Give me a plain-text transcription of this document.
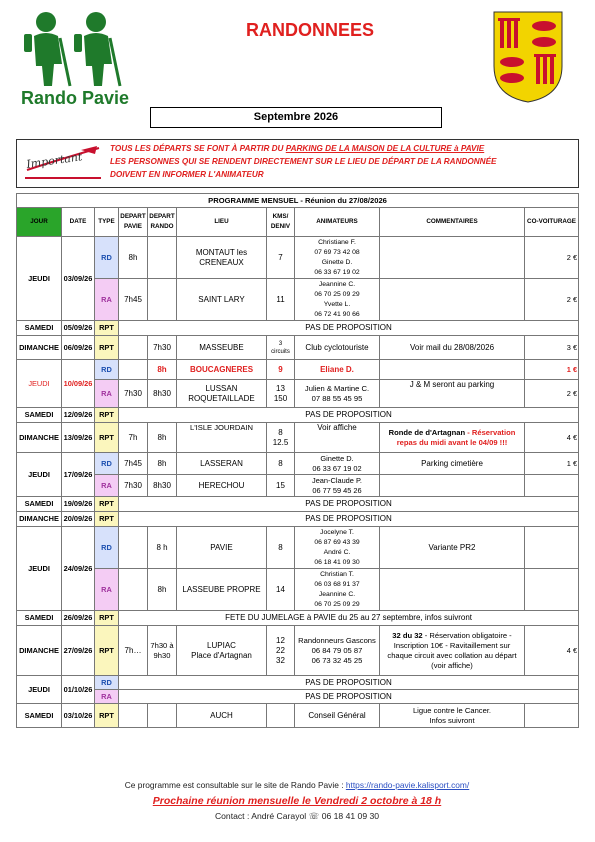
Rando Pavie
RANDONNEES
Septembre 2026
Important
TOUS LES DÉPARTS SE FONT À PARTIR DU PARKING DE LA MAISON DE LA CULTURE à PAVIE
LES PERSONNES QUI SE RENDENT DIRECTEMENT SUR LE LIEU DE DÉPART DE LA RANDONNÉE
DOIVENT EN INFORMER L'ANIMATEUR
PROGRAMME MENSUEL - Réunion du 27/08/2026									
JOUR	DATE	TYPE	DEPART PAVIE	DEPART RANDO	LIEU	KMS/ DENIV	ANIMATEURS	COMMENTAIRES	CO-VOITURAGE
JEUDI	03/09/26	RD	8h		MONTAUT les CRENEAUX	7	Christiane F.
07 69 73 42 08
Ginette D.
06 33 67 19 02		2 €
		RA	7h45		SAINT LARY	11	Jeannine C.
06 70 25 09 29
Yvette L.
06 72 41 90 66		2 €
SAMEDI	05/09/26	RPT	PAS DE PROPOSITION						
DIMANCHE	06/09/26	RPT		7h30	MASSEUBE	3
circuits	Club cyclotouriste	Voir mail du 28/08/2026	3 €
JEUDI	10/09/26	RD		8h	BOUCAGNERES	9	Eliane D.		1 €
		RA	7h30	8h30	LUSSAN ROQUETAILLADE	13
150	Julien & Martine C.
07 88 55 45 95	J & M seront au parking	2 €
SAMEDI	12/09/26	RPT	PAS DE PROPOSITION						
DIMANCHE	13/09/26	RPT	7h	8h	L'ISLE JOURDAIN	8
12.5	Voir affiche	Ronde de d'Artagnan - Réservation repas du midi avant le 04/09 !!!	4 €
JEUDI	17/09/26	RD	7h45	8h	LASSERAN	8	Ginette D.
06 33 67 19 02	Parking cimetière	1 €
		RA	7h30	8h30	HERECHOU	15	Jean-Claude P.
06 77 59 45 26		
SAMEDI	19/09/26	RPT	PAS DE PROPOSITION						
DIMANCHE	20/09/26	RPT	PAS DE PROPOSITION						
JEUDI	24/09/26	RD		8 h	PAVIE	8	Jocelyne T.
06 87 69 43 39
André C.
06 18 41 09 30	Variante PR2	
		RA		8h	LASSEUBE PROPRE	14	Christian T.
06 03 68 91 37
Jeannine C.
06 70 25 09 29		
SAMEDI	26/09/26	RPT	FETE DU JUMELAGE à PAVIE du 25 au 27 septembre, infos suivront						
DIMANCHE	27/09/26	RPT	7h…	7h30 à
9h30	LUPIAC
Place d'Artagnan	12
22
32	Randonneurs Gascons
06 84 79 05 87
06 73 32 45 25	32 du 32 - Réservation obligatoire - Inscription 10€ - Ravitaillement sur chaque circuit avec collation au départ (voir affiche)	4 €
JEUDI	01/10/26	RD	PAS DE PROPOSITION						
		RA	PAS DE PROPOSITION						
SAMEDI	03/10/26	RPT			AUCH		Conseil Général	Ligue contre le Cancer.
Infos suivront	
Ce programme est consultable sur le site de Rando Pavie : https://rando-pavie.kalisport.com/
Prochaine réunion mensuelle le Vendredi 2 octobre à 18 h
Contact : André Carayol ☏ 06 18 41 09 30
